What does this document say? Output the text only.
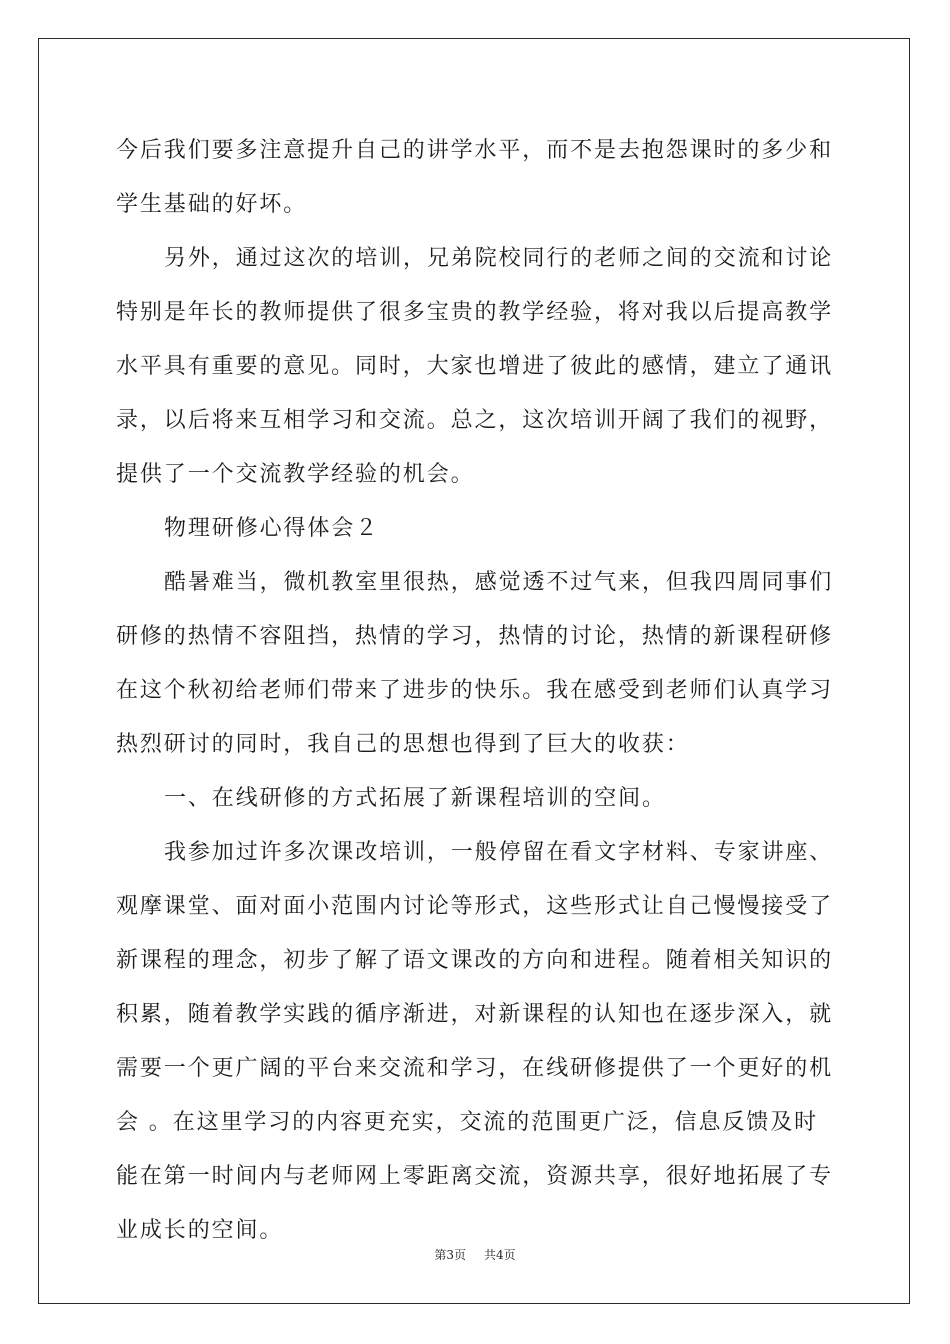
今后我们要多注意提升自己的讲学水平，而不是去抱怨课时的多少和
学生基础的好坏。
另外，通过这次的培训，兄弟院校同行的老师之间的交流和讨论
特别是年长的教师提供了很多宝贵的教学经验，将对我以后提高教学
水平具有重要的意见。同时，大家也增进了彼此的感情，建立了通讯
录，以后将来互相学习和交流。总之，这次培训开阔了我们的视野，
提供了一个交流教学经验的机会。
物理研修心得体会２
酷暑难当，微机教室里很热，感觉透不过气来，但我四周同事们
研修的热情不容阻挡，热情的学习，热情的讨论，热情的新课程研修
在这个秋初给老师们带来了进步的快乐。我在感受到老师们认真学习
热烈研讨的同时，我自己的思想也得到了巨大的收获：
一、在线研修的方式拓展了新课程培训的空间。
我参加过许多次课改培训，一般停留在看文字材料、专家讲座、
观摩课堂、面对面小范围内讨论等形式，这些形式让自己慢慢接受了
新课程的理念，初步了解了语文课改的方向和进程。随着相关知识的
积累，随着教学实践的循序渐进，对新课程的认知也在逐步深入，就
需要一个更广阔的平台来交流和学习，在线研修提供了一个更好的机
会 。在这里学习的内容更充实，交流的范围更广泛，信息反馈及时
能在第一时间内与老师网上零距离交流，资源共享，很好地拓展了专
业成长的空间。
第3页 共4页
